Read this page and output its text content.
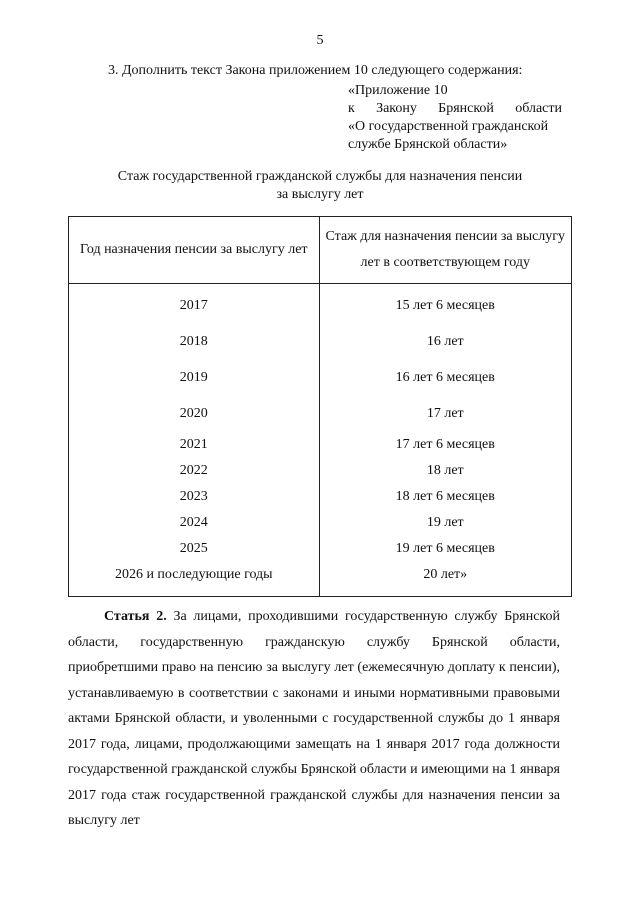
5
3. Дополнить текст Закона приложением 10 следующего содержания:
«Приложение 10
к Закону Брянской области
«О государственной гражданской
службе Брянской области»
Стаж государственной гражданской службы для назначения пенсии
за выслугу лет
Год назначения пенсии за выслугу лет	Стаж для назначения пенсии за выслугу лет в соответствующем году
2017	15 лет 6 месяцев
2018	16 лет
2019	16 лет 6 месяцев
2020	17 лет
2021	17 лет 6 месяцев
2022	18 лет
2023	18 лет 6 месяцев
2024	19 лет
2025	19 лет 6 месяцев
2026 и последующие годы	20 лет»
Статья 2. За лицами, проходившими государственную службу Брянской области, государственную гражданскую службу Брянской области, приобретшими право на пенсию за выслугу лет (ежемесячную доплату к пенсии), устанавливаемую в соответствии с законами и иными нормативными правовыми актами Брянской области, и уволенными с государственной службы до 1 января 2017 года, лицами, продолжающими замещать на 1 января 2017 года должности государственной гражданской службы Брянской области и имеющими на 1 января 2017 года стаж государственной гражданской службы для назначения пенсии за выслугу лет
